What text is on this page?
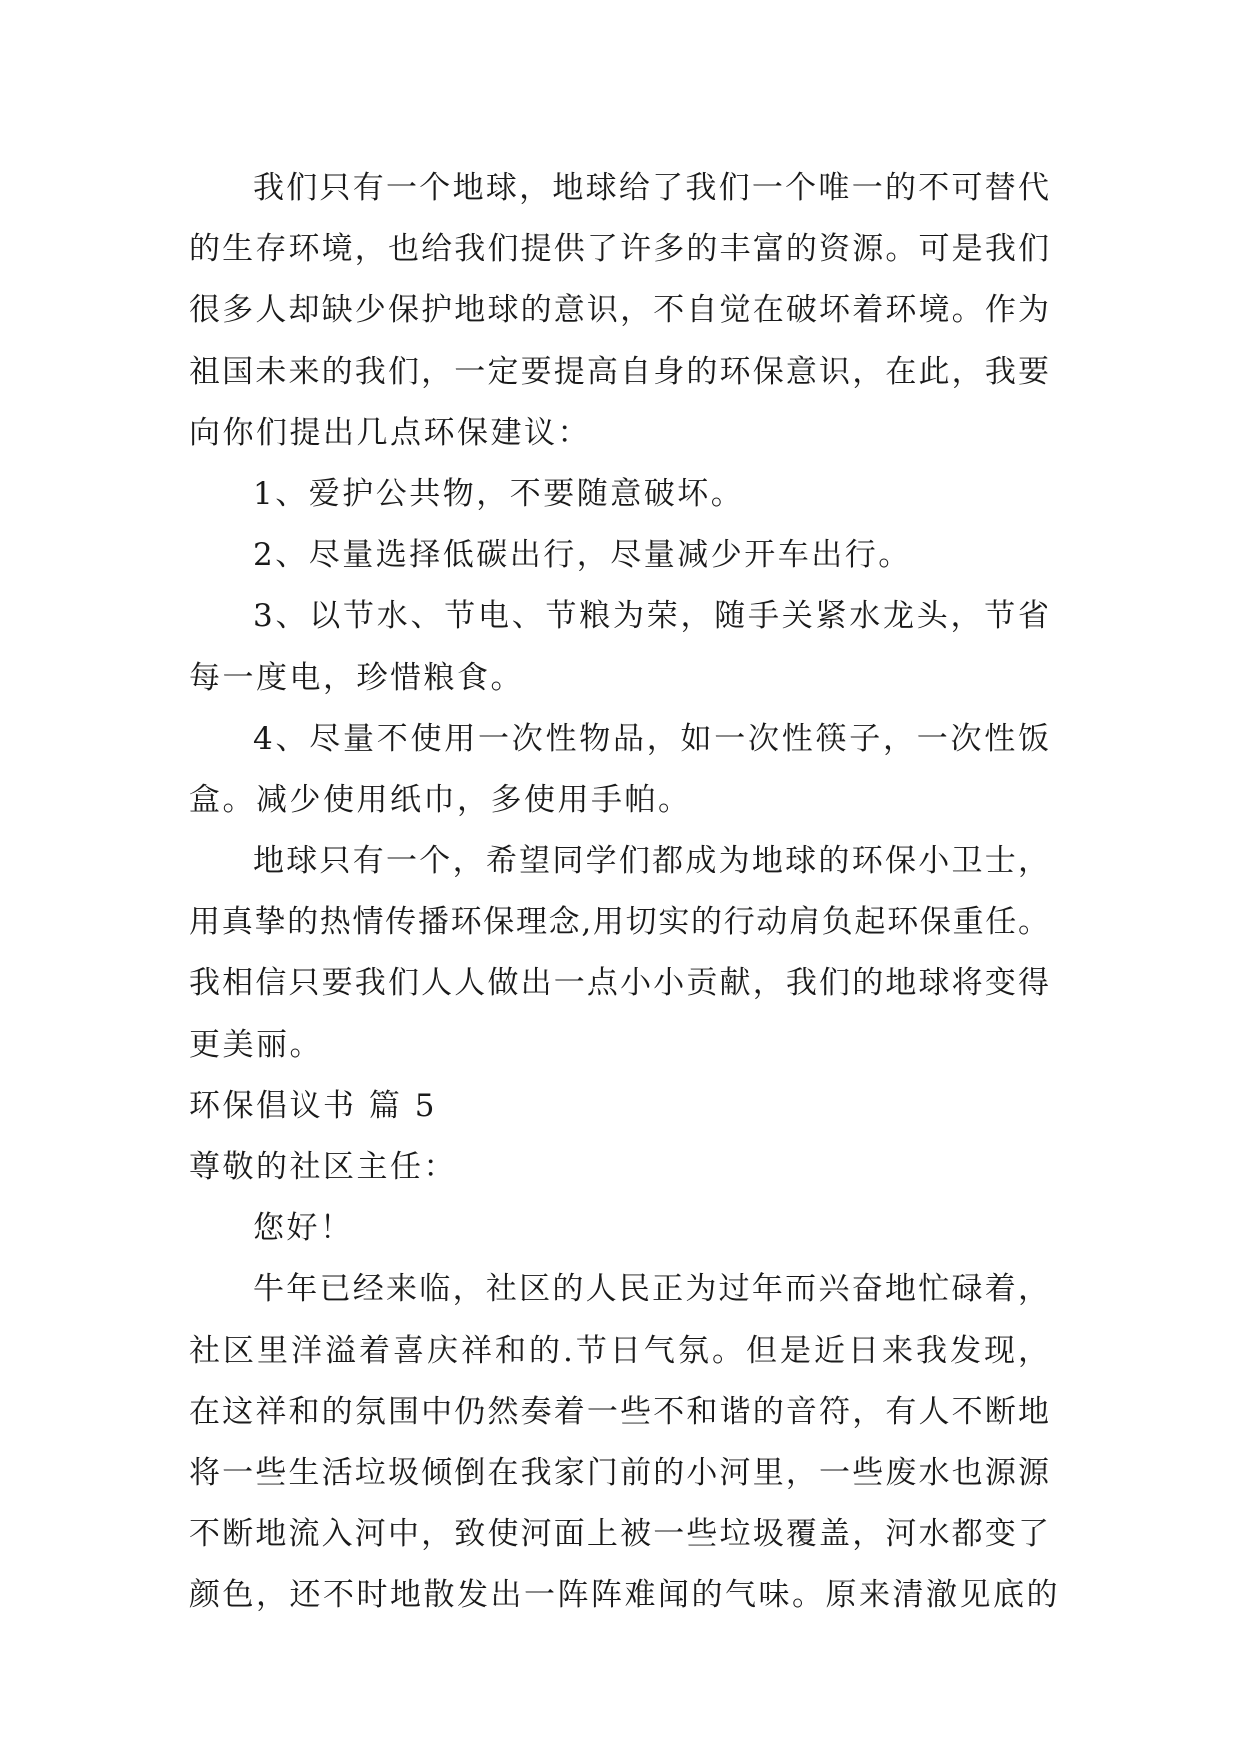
我们只有一个地球，地球给了我们一个唯一的不可替代
的生存环境，也给我们提供了许多的丰富的资源。可是我们
很多人却缺少保护地球的意识，不自觉在破坏着环境。作为
祖国未来的我们，一定要提高自身的环保意识，在此，我要
向你们提出几点环保建议：
1、爱护公共物，不要随意破坏。
2、尽量选择低碳出行，尽量减少开车出行。
3、以节水、节电、节粮为荣，随手关紧水龙头，节省
每一度电，珍惜粮食。
4、尽量不使用一次性物品，如一次性筷子，一次性饭
盒。减少使用纸巾，多使用手帕。
地球只有一个，希望同学们都成为地球的环保小卫士，
用真挚的热情传播环保理念,用切实的行动肩负起环保重任。
我相信只要我们人人做出一点小小贡献，我们的地球将变得
更美丽。
环保倡议书 篇 5
尊敬的社区主任：
您好！
牛年已经来临，社区的人民正为过年而兴奋地忙碌着，
社区里洋溢着喜庆祥和的.节日气氛。但是近日来我发现，
在这祥和的氛围中仍然奏着一些不和谐的音符，有人不断地
将一些生活垃圾倾倒在我家门前的小河里，一些废水也源源
不断地流入河中，致使河面上被一些垃圾覆盖，河水都变了
颜色，还不时地散发出一阵阵难闻的气味。原来清澈见底的
